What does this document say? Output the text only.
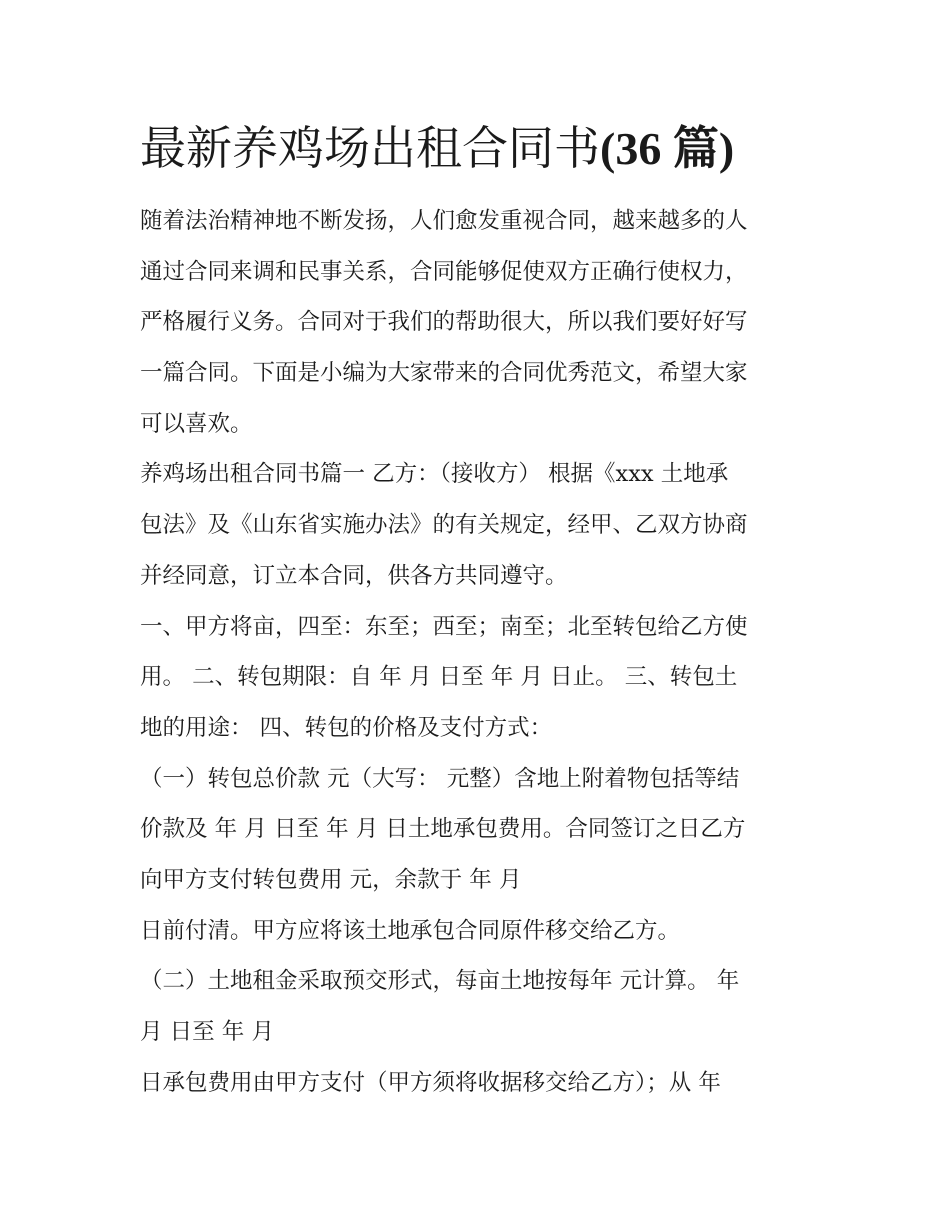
最新养鸡场出租合同书(36 篇)
随着法治精神地不断发扬，人们愈发重视合同，越来越多的人
通过合同来调和民事关系，合同能够促使双方正确行使权力，
严格履行义务。合同对于我们的帮助很大，所以我们要好好写
一篇合同。下面是小编为大家带来的合同优秀范文，希望大家
可以喜欢。
养鸡场出租合同书篇一 乙方：（接收方） 根据《xxx 土地承
包法》及《山东省实施办法》的有关规定，经甲、乙双方协商
并经同意，订立本合同，供各方共同遵守。
一、甲方将亩，四至：东至；西至；南至；北至转包给乙方使
用。 二、转包期限：自 年 月 日至 年 月 日止。 三、转包土
地的用途： 四、转包的价格及支付方式：
（一）转包总价款 元（大写： 元整）含地上附着物包括等结
价款及 年 月 日至 年 月 日土地承包费用。合同签订之日乙方
向甲方支付转包费用 元，余款于 年 月
日前付清。甲方应将该土地承包合同原件移交给乙方。
（二）土地租金采取预交形式，每亩土地按每年 元计算。 年
月 日至 年 月
日承包费用由甲方支付（甲方须将收据移交给乙方）；从 年
